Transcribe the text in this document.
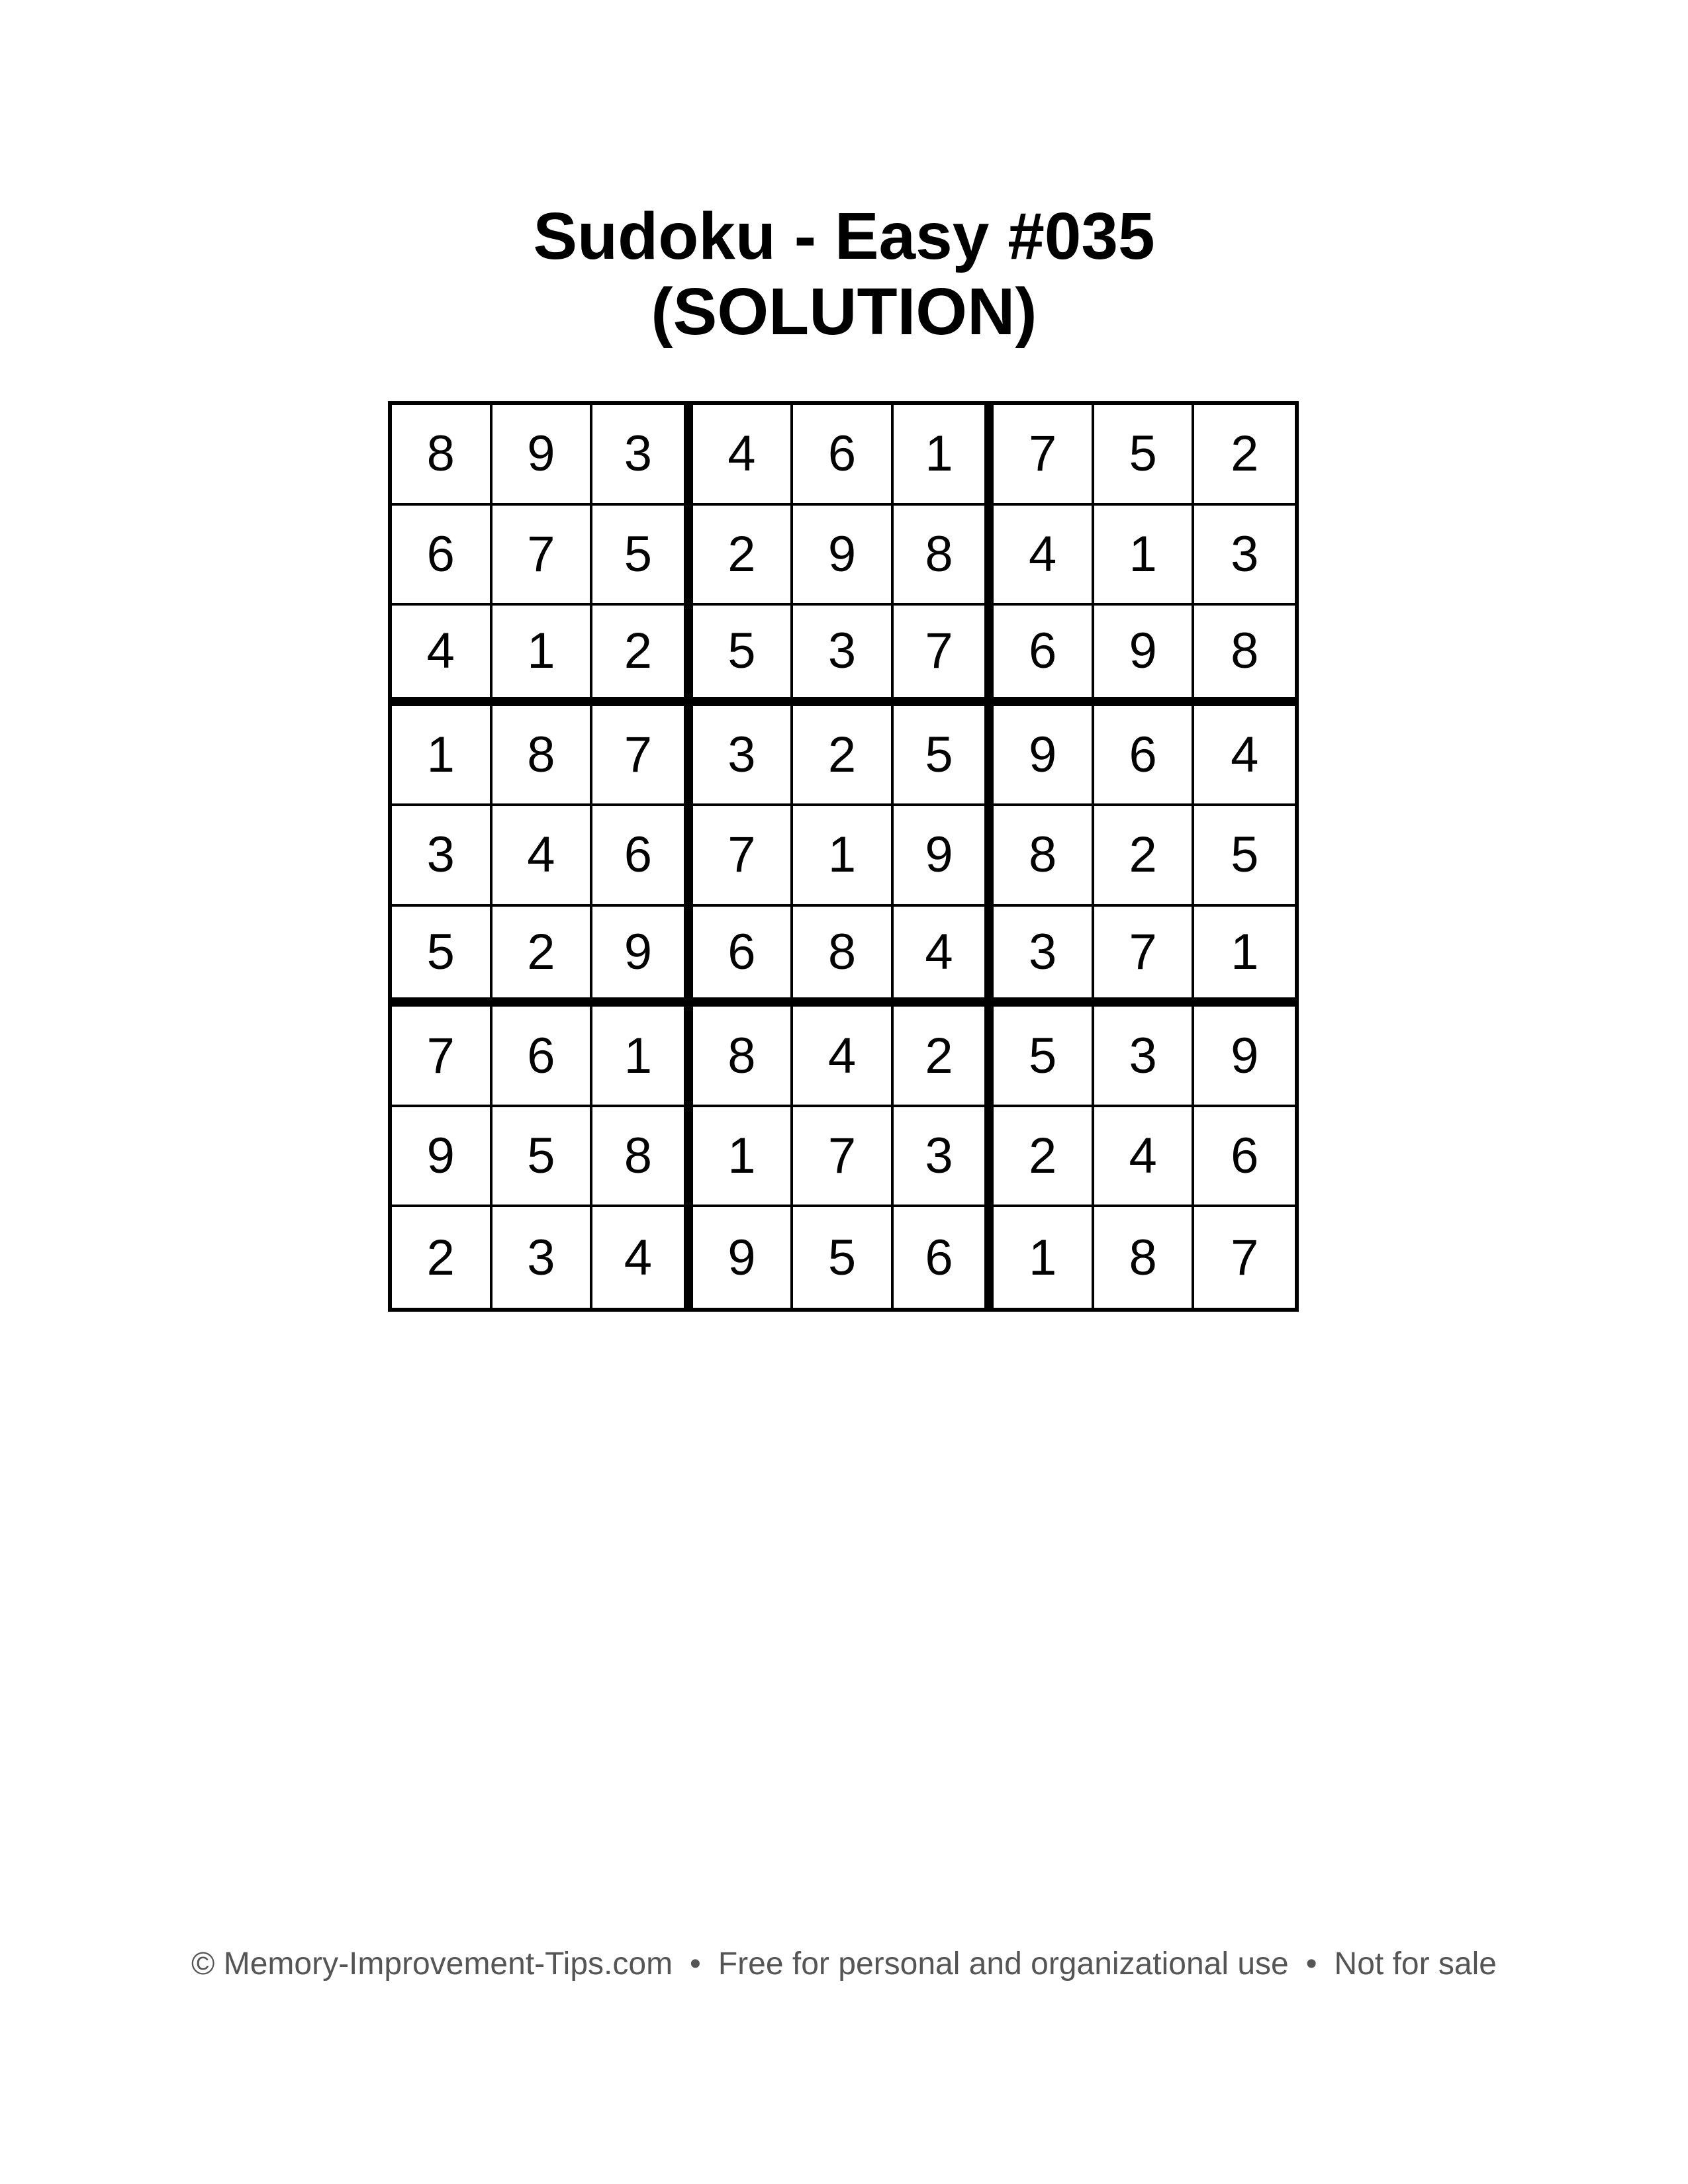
Sudoku - Easy #035
(SOLUTION)
8	9	3	4	6	1	7	5	2
6	7	5	2	9	8	4	1	3
4	1	2	5	3	7	6	9	8
1	8	7	3	2	5	9	6	4
3	4	6	7	1	9	8	2	5
5	2	9	6	8	4	3	7	1
7	6	1	8	4	2	5	3	9
9	5	8	1	7	3	2	4	6
2	3	4	9	5	6	1	8	7
© Memory-Improvement-Tips.com • Free for personal and organizational use • Not for sale
